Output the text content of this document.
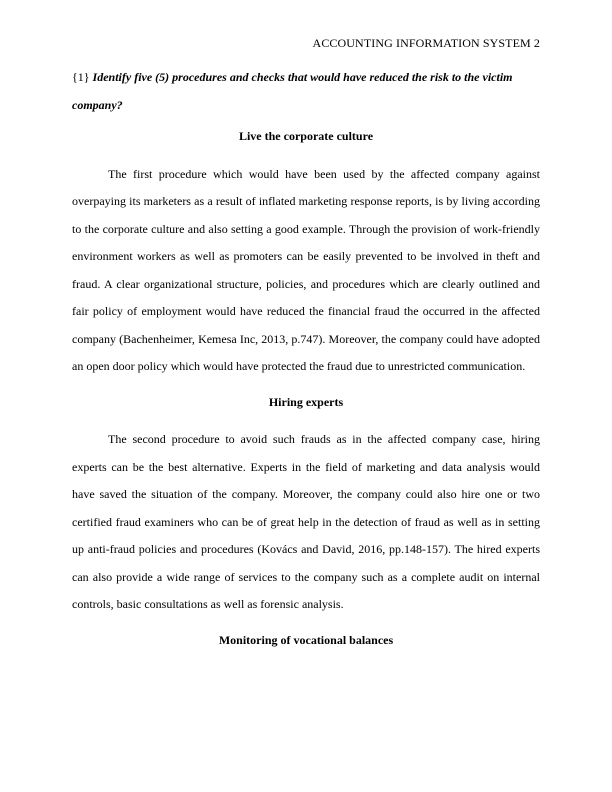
ACCOUNTING INFORMATION SYSTEM 2

{1} Identify five (5) procedures and checks that would have reduced the risk to the victim company?

Live the corporate culture

The first procedure which would have been used by the affected company against overpaying its marketers as a result of inflated marketing response reports, is by living according to the corporate culture and also setting a good example. Through the provision of work-friendly environment workers as well as promoters can be easily prevented to be involved in theft and fraud. A clear organizational structure, policies, and procedures which are clearly outlined and fair policy of employment would have reduced the financial fraud the occurred in the affected company (Bachenheimer, Kemesa Inc, 2013, p.747). Moreover, the company could have adopted an open door policy which would have protected the fraud due to unrestricted communication.

Hiring experts

The second procedure to avoid such frauds as in the affected company case, hiring experts can be the best alternative. Experts in the field of marketing and data analysis would have saved the situation of the company. Moreover, the company could also hire one or two certified fraud examiners who can be of great help in the detection of fraud as well as in setting up anti-fraud policies and procedures (Kovács and David, 2016, pp.148-157). The hired experts can also provide a wide range of services to the company such as a complete audit on internal controls, basic consultations as well as forensic analysis.

Monitoring of vocational balances
